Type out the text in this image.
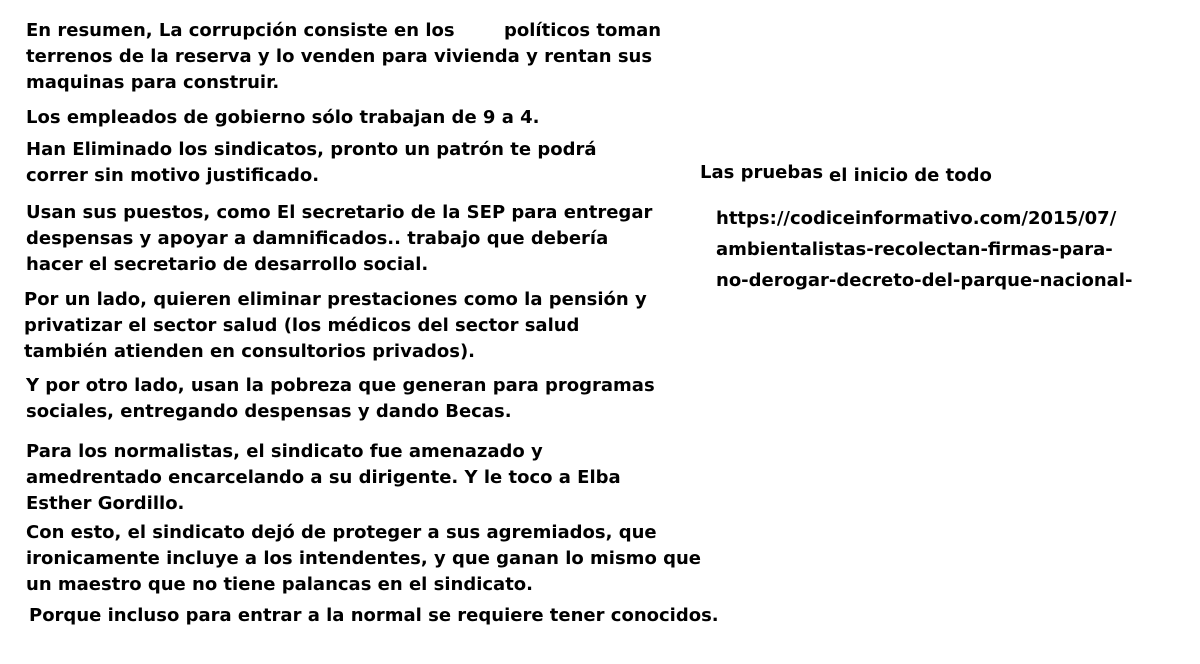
En resumen, La corrupción consiste en los	políticos toman
terrenos de la reserva y lo venden para vivienda y rentan sus
maquinas para construir.
Los empleados de gobierno sólo trabajan de 9 a 4.
Han Eliminado los sindicatos, pronto un patrón te podrá
correr sin motivo justificado.
Usan sus puestos, como El secretario de la SEP para entregar
despensas y apoyar a damnificados.. trabajo que debería
hacer el secretario de desarrollo social.
Por un lado, quieren eliminar prestaciones como la pensión y
privatizar el sector salud (los médicos del sector salud
también atienden en consultorios privados).
Y por otro lado, usan la pobreza que generan para programas
sociales, entregando despensas y dando Becas.
Para los normalistas, el sindicato fue amenazado y
amedrentado encarcelando a su dirigente. Y le toco a Elba
Esther Gordillo.
Con esto, el sindicato dejó de proteger a sus agremiados, que
ironicamente incluye a los intendentes, y que ganan lo mismo que
un maestro que no tiene palancas en el sindicato.
Porque incluso para entrar a la normal se requiere tener conocidos.
Las pruebas el inicio de todo
https://codiceinformativo.com/2015/07/
ambientalistas-recolectan-firmas-para-
no-derogar-decreto-del-parque-nacional-
